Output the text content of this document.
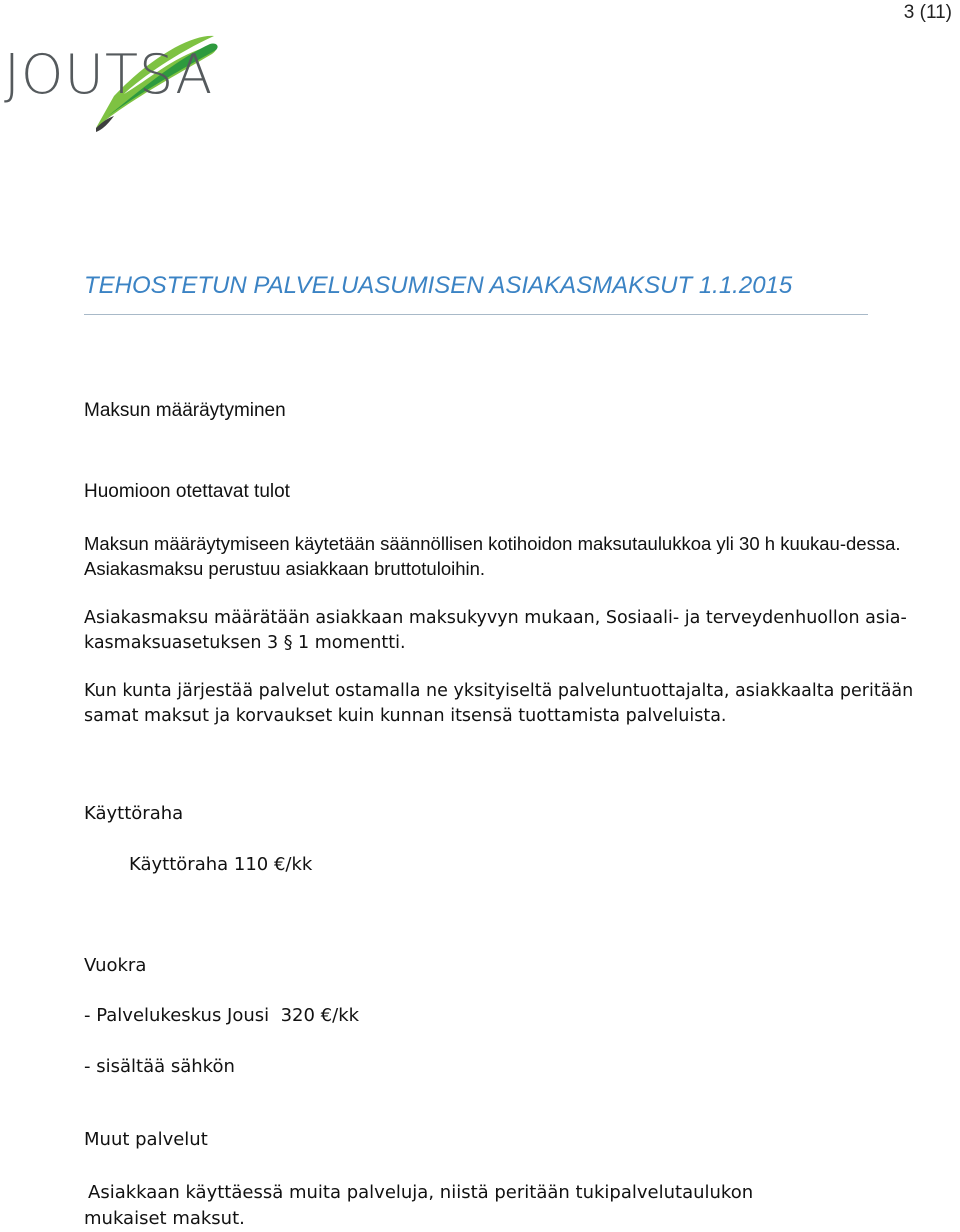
3 (11)
JOUTSA
TEHOSTETUN PALVELUASUMISEN ASIAKASMAKSUT 1.1.2015
Maksun määräytyminen
Huomioon otettavat tulot
Maksun määräytymiseen käytetään säännöllisen kotihoidon maksutaulukkoa yli 30 h kuukau-dessa. Asiakasmaksu perustuu asiakkaan bruttotuloihin.
Asiakasmaksu määrätään asiakkaan maksukyvyn mukaan, Sosiaali- ja terveydenhuollon asia-kasmaksuasetuksen 3 § 1 momentti.
Kun kunta järjestää palvelut ostamalla ne yksityiseltä palveluntuottajalta, asiakkaalta peritään samat maksut ja korvaukset kuin kunnan itsensä tuottamista palveluista.
Käyttöraha
Käyttöraha 110 €/kk
Vuokra
- Palvelukeskus Jousi  320 €/kk
- sisältää sähkön
Muut palvelut
Asiakkaan käyttäessä muita palveluja, niistä peritään tukipalvelutaulukon mukaiset maksut.
